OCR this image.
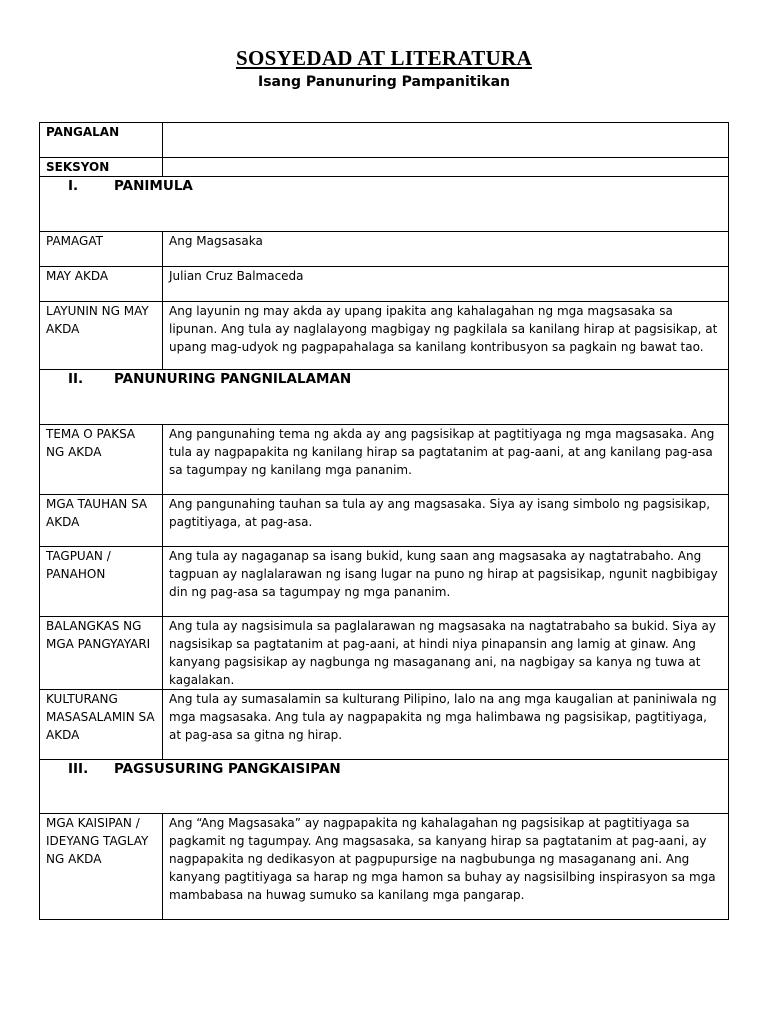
SOSYEDAD AT LITERATURA
Isang Panunuring Pampanitikan
PANGALAN	
SEKSYON	
I. PANIMULA	
PAMAGAT	Ang Magsasaka
MAY AKDA	Julian Cruz Balmaceda
LAYUNIN NG MAY AKDA	Ang layunin ng may akda ay upang ipakita ang kahalagahan ng mga magsasaka sa lipunan. Ang tula ay naglalayong magbigay ng pagkilala sa kanilang hirap at pagsisikap, at upang mag-udyok ng pagpapahalaga sa kanilang kontribusyon sa pagkain ng bawat tao.
II. PANUNURING PANGNILALAMAN	
TEMA O PAKSA NG AKDA	Ang pangunahing tema ng akda ay ang pagsisikap at pagtitiyaga ng mga magsasaka. Ang tula ay nagpapakita ng kanilang hirap sa pagtatanim at pag-aani, at ang kanilang pag-asa sa tagumpay ng kanilang mga pananim.
MGA TAUHAN SA AKDA	Ang pangunahing tauhan sa tula ay ang magsasaka. Siya ay isang simbolo ng pagsisikap, pagtitiyaga, at pag-asa.
TAGPUAN / PANAHON	Ang tula ay nagaganap sa isang bukid, kung saan ang magsasaka ay nagtatrabaho. Ang tagpuan ay naglalarawan ng isang lugar na puno ng hirap at pagsisikap, ngunit nagbibigay din ng pag-asa sa tagumpay ng mga pananim.
BALANGKAS NG MGA PANGYAYARI	Ang tula ay nagsisimula sa paglalarawan ng magsasaka na nagtatrabaho sa bukid. Siya ay nagsisikap sa pagtatanim at pag-aani, at hindi niya pinapansin ang lamig at ginaw. Ang kanyang pagsisikap ay nagbunga ng masaganang ani, na nagbigay sa kanya ng tuwa at kagalakan.
KULTURANG MASASALAMIN SA AKDA	Ang tula ay sumasalamin sa kulturang Pilipino, lalo na ang mga kaugalian at paniniwala ng mga magsasaka. Ang tula ay nagpapakita ng mga halimbawa ng pagsisikap, pagtitiyaga, at pag-asa sa gitna ng hirap.
III. PAGSUSURING PANGKAISIPAN	
MGA KAISIPAN / IDEYANG TAGLAY NG AKDA	Ang “Ang Magsasaka” ay nagpapakita ng kahalagahan ng pagsisikap at pagtitiyaga sa pagkamit ng tagumpay. Ang magsasaka, sa kanyang hirap sa pagtatanim at pag-aani, ay nagpapakita ng dedikasyon at pagpupursige na nagbubunga ng masaganang ani. Ang kanyang pagtitiyaga sa harap ng mga hamon sa buhay ay nagsisilbing inspirasyon sa mga mambabasa na huwag sumuko sa kanilang mga pangarap.
